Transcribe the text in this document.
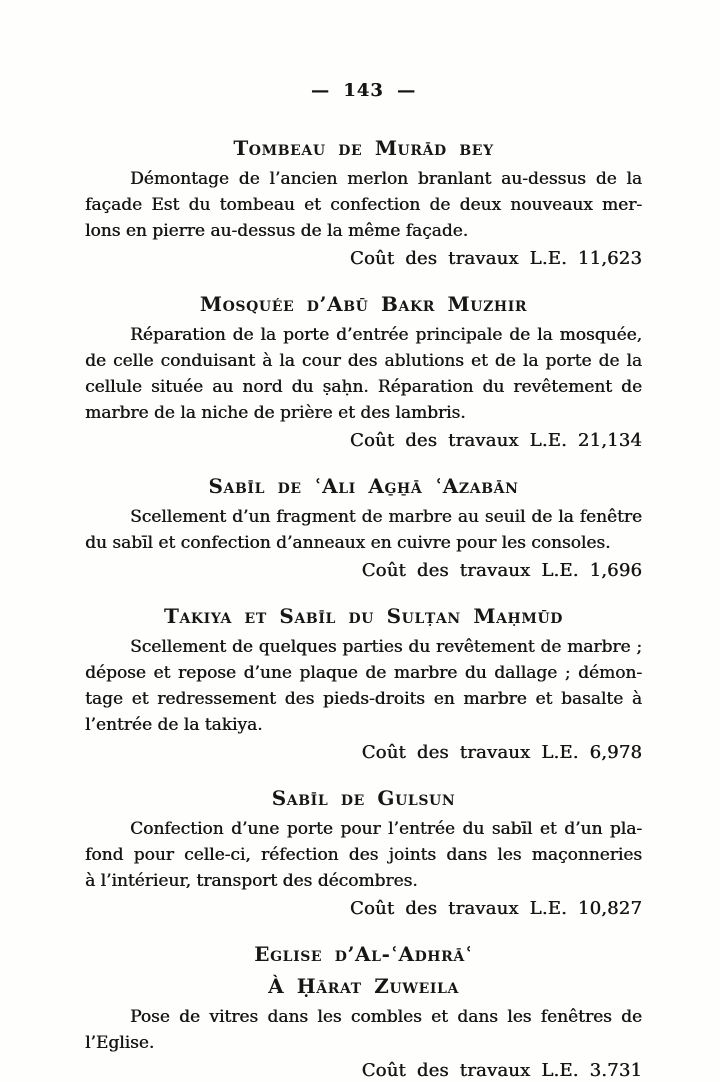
— 143 —
Tombeau de Murād bey

Démontage de l’ancien merlon branlant au-dessus de la
façade Est du tombeau et confection de deux nouveaux mer-
lons en pierre au-dessus de la même façade.

Coût des travaux L.E. 11,623
Mosquée d’Abū Bakr Muzhir

Réparation de la porte d’entrée principale de la mosquée,
de celle conduisant à la cour des ablutions et de la porte de la
cellule située au nord du ṣaḥn. Réparation du revêtement de
marbre de la niche de prière et des lambris.

Coût des travaux L.E. 21,134
Sabīl de ʿAli Ag̱ẖā ʿAzabān

Scellement d’un fragment de marbre au seuil de la fenêtre
du sabīl et confection d’anneaux en cuivre pour les consoles.

Coût des travaux L.E. 1,696
Takiya et Sabīl du Sulṭan Maḥmūd

Scellement de quelques parties du revêtement de marbre ;
dépose et repose d’une plaque de marbre du dallage ; démon-
tage et redressement des pieds-droits en marbre et basalte à
l’entrée de la takiya.

Coût des travaux L.E. 6,978
Sabīl de Gulsun

Confection d’une porte pour l’entrée du sabīl et d’un pla-
fond pour celle-ci, réfection des joints dans les maçonneries
à l’intérieur, transport des décombres.

Coût des travaux L.E. 10,827
Eglise d’Al-ʿAdhrāʿ
À Ḥārat Zuweila

Pose de vitres dans les combles et dans les fenêtres de
l’Eglise.

Coût des travaux L.E. 3.731
